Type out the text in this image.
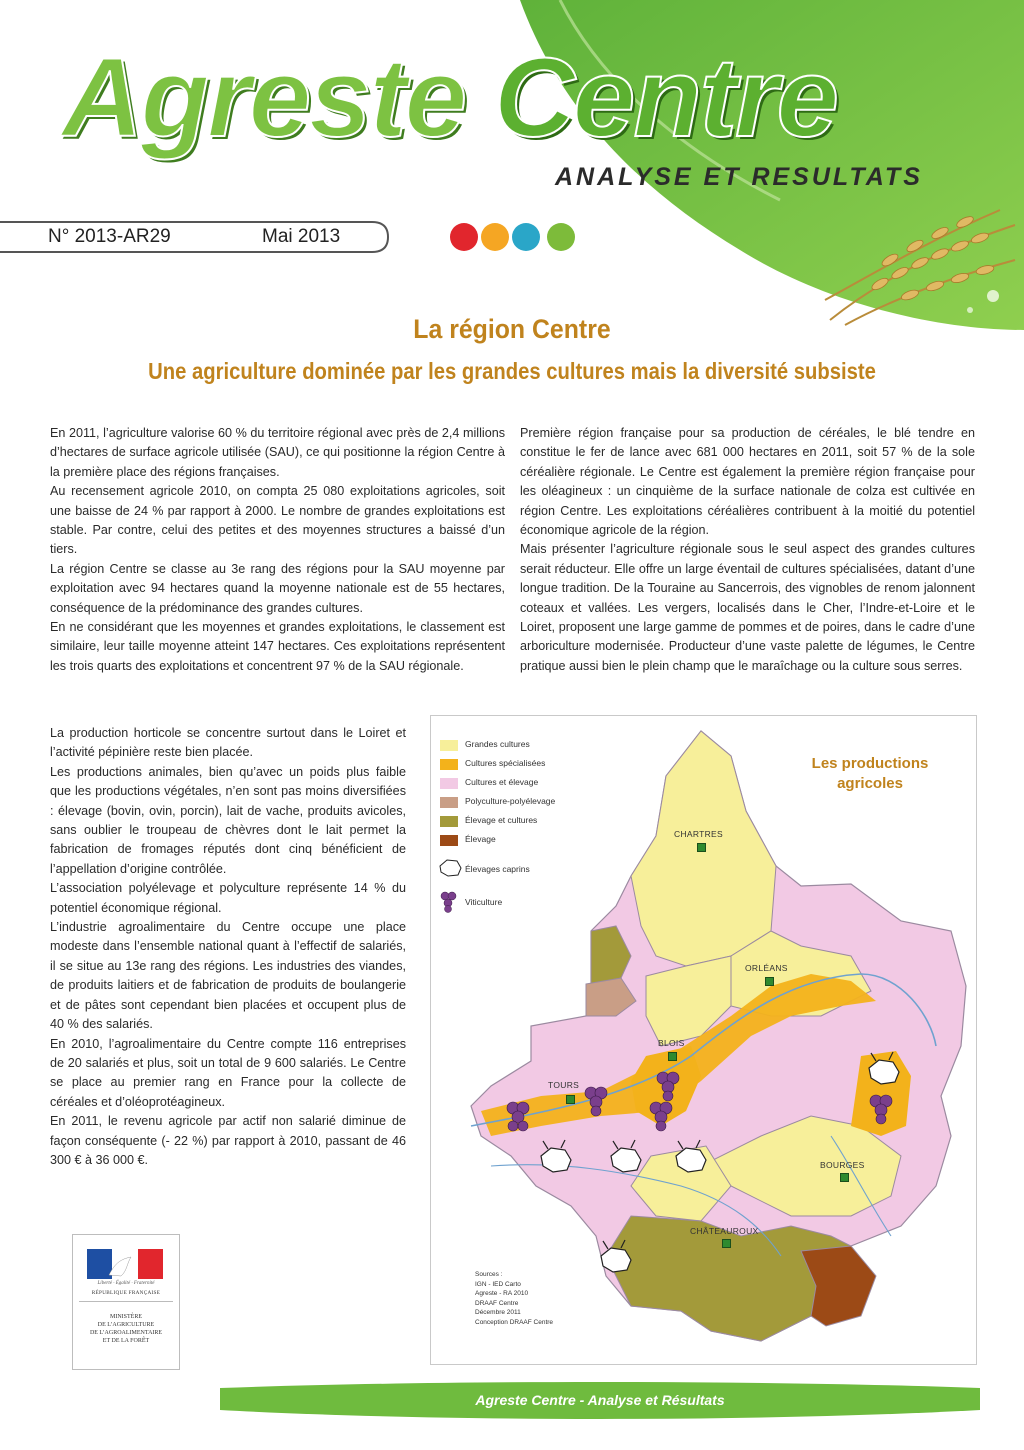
Agreste Centre
ANALYSE ET RESULTATS
N° 2013-AR29	Mai 2013
La région Centre
Une agriculture dominée par les grandes cultures mais la diversité subsiste

En 2011, l’agriculture valorise 60 % du territoire régional avec près de 2,4 millions d’hectares de surface agricole utilisée (SAU), ce qui positionne la région Centre à la première place des régions françaises.

Au recensement agricole 2010, on compta 25 080 exploitations agricoles, soit une baisse de 24 % par rapport à 2000. Le nombre de grandes exploitations est stable. Par contre, celui des petites et des moyennes structures a baissé d’un tiers.

La région Centre se classe au 3e rang des régions pour la SAU moyenne par exploitation avec 94 hectares quand la moyenne nationale est de 55 hectares, conséquence de la prédominance des grandes cultures.

En ne considérant que les moyennes et grandes exploitations, le classement est similaire, leur taille moyenne atteint 147 hectares. Ces exploitations représentent les trois quarts des exploitations et concentrent 97 % de la SAU régionale.

Première région française pour sa production de céréales, le blé tendre en constitue le fer de lance avec 681 000 hectares en 2011, soit 57 % de la sole céréalière régionale. Le Centre est également la première région française pour les oléagineux : un cinquième de la surface nationale de colza est cultivée en région Centre. Les exploitations céréalières contribuent à la moitié du potentiel économique agricole de la région.

Mais présenter l’agriculture régionale sous le seul aspect des grandes cultures serait réducteur. Elle offre un large éventail de cultures spécialisées, datant d’une longue tradition. De la Touraine au Sancerrois, des vignobles de renom jalonnent coteaux et vallées. Les vergers, localisés dans le Cher, l’Indre-et-Loire et le Loiret, proposent une large gamme de pommes et de poires, dans le cadre d’une arboriculture modernisée. Producteur d’une vaste palette de légumes, le Centre pratique aussi bien le plein champ que le maraîchage ou la culture sous serres.

La production horticole se concentre surtout dans le Loiret et l’activité pépinière reste bien placée.

Les productions animales, bien qu’avec un poids plus faible que les productions végétales, n’en sont pas moins diversifiées : élevage (bovin, ovin, porcin), lait de vache, produits avicoles, sans oublier le troupeau de chèvres dont le lait permet la fabrication de fromages réputés dont cinq bénéficient de l’appellation d’origine contrôlée.

L’association polyélevage et polyculture représente 14 % du potentiel économique régional.

L’industrie agroalimentaire du Centre occupe une place modeste dans l’ensemble national quant à l’effectif de salariés, il se situe au 13e rang des régions. Les industries des viandes, de produits laitiers et de fabrication de produits de boulangerie et de pâtes sont cependant bien placées et occupent plus de 40 % des salariés.

En 2010, l’agroalimentaire du Centre compte 116 entreprises de 20 salariés et plus, soit un total de 9 600 salariés. Le Centre se place au premier rang en France pour la collecte de céréales et d’oléoprotéagineux.

En 2011, le revenu agricole par actif non salarié diminue de façon conséquente (- 22 %) par rapport à 2010, passant de 46 300 € à 36 000 €.

Les productions agricoles
Grandes cultures
Cultures spécialisées
Cultures et élevage
Polyculture-polyélevage
Élevage et cultures
Élevage
Élevages caprins
Viticulture
CHARTRES
ORLÉANS
BLOIS
TOURS
BOURGES
CHÂTEAUROUX
Sources :
IGN - IED Carto
Agreste - RA 2010
DRAAF Centre
Décembre 2011
Conception DRAAF Centre
Liberté · Égalité · Fraternité
RÉPUBLIQUE FRANÇAISE
MINISTÈRE
DE L’AGRICULTURE
DE L’AGROALIMENTAIRE
ET DE LA FORÊT
Agreste Centre - Analyse et Résultats
